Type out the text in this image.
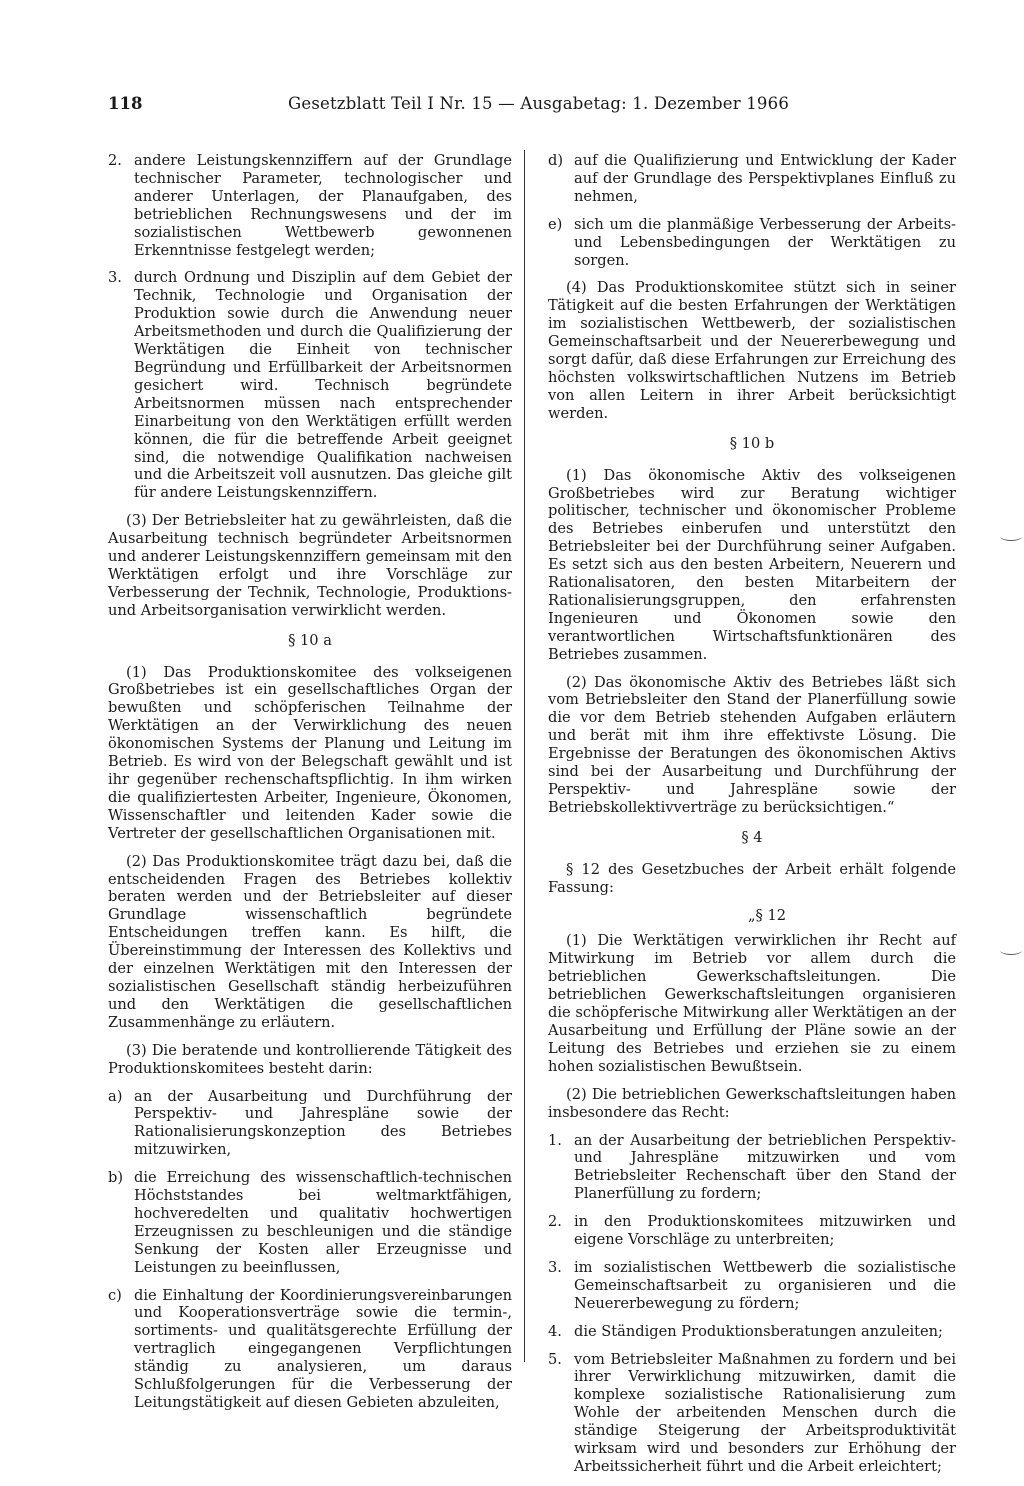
118	Gesetzblatt Teil I Nr. 15 — Ausgabetag: 1. Dezember 1966
2. andere Leistungskennziffern auf der Grundlage technischer Parameter, technologischer und anderer Unterlagen, der Planaufgaben, des betrieblichen Rechnungswesens und der im sozialistischen Wettbewerb gewonnenen Erkenntnisse festgelegt werden;
3. durch Ordnung und Disziplin auf dem Gebiet der Technik, Technologie und Organisation der Produktion sowie durch die Anwendung neuer Arbeitsmethoden und durch die Qualifizierung der Werktätigen die Einheit von technischer Begründung und Erfüllbarkeit der Arbeitsnormen gesichert wird. Technisch begründete Arbeitsnormen müssen nach entsprechender Einarbeitung von den Werktätigen erfüllt werden können, die für die betreffende Arbeit geeignet sind, die notwendige Qualifikation nachweisen und die Arbeitszeit voll ausnutzen. Das gleiche gilt für andere Leistungskennziffern.

(3) Der Betriebsleiter hat zu gewährleisten, daß die Ausarbeitung technisch begründeter Arbeitsnormen und anderer Leistungskennziffern gemeinsam mit den Werktätigen erfolgt und ihre Vorschläge zur Verbesserung der Technik, Technologie, Produktions- und Arbeitsorganisation verwirklicht werden.

§ 10 a

(1) Das Produktionskomitee des volkseigenen Großbetriebes ist ein gesellschaftliches Organ der bewußten und schöpferischen Teilnahme der Werktätigen an der Verwirklichung des neuen ökonomischen Systems der Planung und Leitung im Betrieb. Es wird von der Belegschaft gewählt und ist ihr gegenüber rechenschaftspflichtig. In ihm wirken die qualifiziertesten Arbeiter, Ingenieure, Ökonomen, Wissenschaftler und leitenden Kader sowie die Vertreter der gesellschaftlichen Organisationen mit.

(2) Das Produktionskomitee trägt dazu bei, daß die entscheidenden Fragen des Betriebes kollektiv beraten werden und der Betriebsleiter auf dieser Grundlage wissenschaftlich begründete Entscheidungen treffen kann. Es hilft, die Übereinstimmung der Interessen des Kollektivs und der einzelnen Werktätigen mit den Interessen der sozialistischen Gesellschaft ständig herbeizuführen und den Werktätigen die gesellschaftlichen Zusammenhänge zu erläutern.

(3) Die beratende und kontrollierende Tätigkeit des Produktionskomitees besteht darin:

a) an der Ausarbeitung und Durchführung der Perspektiv- und Jahrespläne sowie der Rationalisierungskonzeption des Betriebes mitzuwirken,
b) die Erreichung des wissenschaftlich-technischen Höchststandes bei weltmarktfähigen, hochveredelten und qualitativ hochwertigen Erzeugnissen zu beschleunigen und die ständige Senkung der Kosten aller Erzeugnisse und Leistungen zu beeinflussen,
c) die Einhaltung der Koordinierungsvereinbarungen und Kooperationsverträge sowie die termin-, sortiments- und qualitätsgerechte Erfüllung der vertraglich eingegangenen Verpflichtungen ständig zu analysieren, um daraus Schlußfolgerungen für die Verbesserung der Leitungstätigkeit auf diesen Gebieten abzuleiten,
d) auf die Qualifizierung und Entwicklung der Kader auf der Grundlage des Perspektivplanes Einfluß zu nehmen,
e) sich um die planmäßige Verbesserung der Arbeits- und Lebensbedingungen der Werktätigen zu sorgen.

(4) Das Produktionskomitee stützt sich in seiner Tätigkeit auf die besten Erfahrungen der Werktätigen im sozialistischen Wettbewerb, der sozialistischen Gemeinschaftsarbeit und der Neuererbewegung und sorgt dafür, daß diese Erfahrungen zur Erreichung des höchsten volkswirtschaftlichen Nutzens im Betrieb von allen Leitern in ihrer Arbeit berücksichtigt werden.

§ 10 b

(1) Das ökonomische Aktiv des volkseigenen Großbetriebes wird zur Beratung wichtiger politischer, technischer und ökonomischer Probleme des Betriebes einberufen und unterstützt den Betriebsleiter bei der Durchführung seiner Aufgaben. Es setzt sich aus den besten Arbeitern, Neuerern und Rationalisatoren, den besten Mitarbeitern der Rationalisierungsgruppen, den erfahrensten Ingenieuren und Ökonomen sowie den verantwortlichen Wirtschaftsfunktionären des Betriebes zusammen.

(2) Das ökonomische Aktiv des Betriebes läßt sich vom Betriebsleiter den Stand der Planerfüllung sowie die vor dem Betrieb stehenden Aufgaben erläutern und berät mit ihm ihre effektivste Lösung. Die Ergebnisse der Beratungen des ökonomischen Aktivs sind bei der Ausarbeitung und Durchführung der Perspektiv- und Jahrespläne sowie der Betriebskollektivverträge zu berücksichtigen.“

§ 4

§ 12 des Gesetzbuches der Arbeit erhält folgende Fassung:

„§ 12

(1) Die Werktätigen verwirklichen ihr Recht auf Mitwirkung im Betrieb vor allem durch die betrieblichen Gewerkschaftsleitungen. Die betrieblichen Gewerkschaftsleitungen organisieren die schöpferische Mitwirkung aller Werktätigen an der Ausarbeitung und Erfüllung der Pläne sowie an der Leitung des Betriebes und erziehen sie zu einem hohen sozialistischen Bewußtsein.

(2) Die betrieblichen Gewerkschaftsleitungen haben insbesondere das Recht:

1. an der Ausarbeitung der betrieblichen Perspektiv- und Jahrespläne mitzuwirken und vom Betriebsleiter Rechenschaft über den Stand der Planerfüllung zu fordern;
2. in den Produktionskomitees mitzuwirken und eigene Vorschläge zu unterbreiten;
3. im sozialistischen Wettbewerb die sozialistische Gemeinschaftsarbeit zu organisieren und die Neuererbewegung zu fördern;
4. die Ständigen Produktionsberatungen anzuleiten;
5. vom Betriebsleiter Maßnahmen zu fordern und bei ihrer Verwirklichung mitzuwirken, damit die komplexe sozialistische Rationalisierung zum Wohle der arbeitenden Menschen durch die ständige Steigerung der Arbeitsproduktivität wirksam wird und besonders zur Erhöhung der Arbeitssicherheit führt und die Arbeit erleichtert;
